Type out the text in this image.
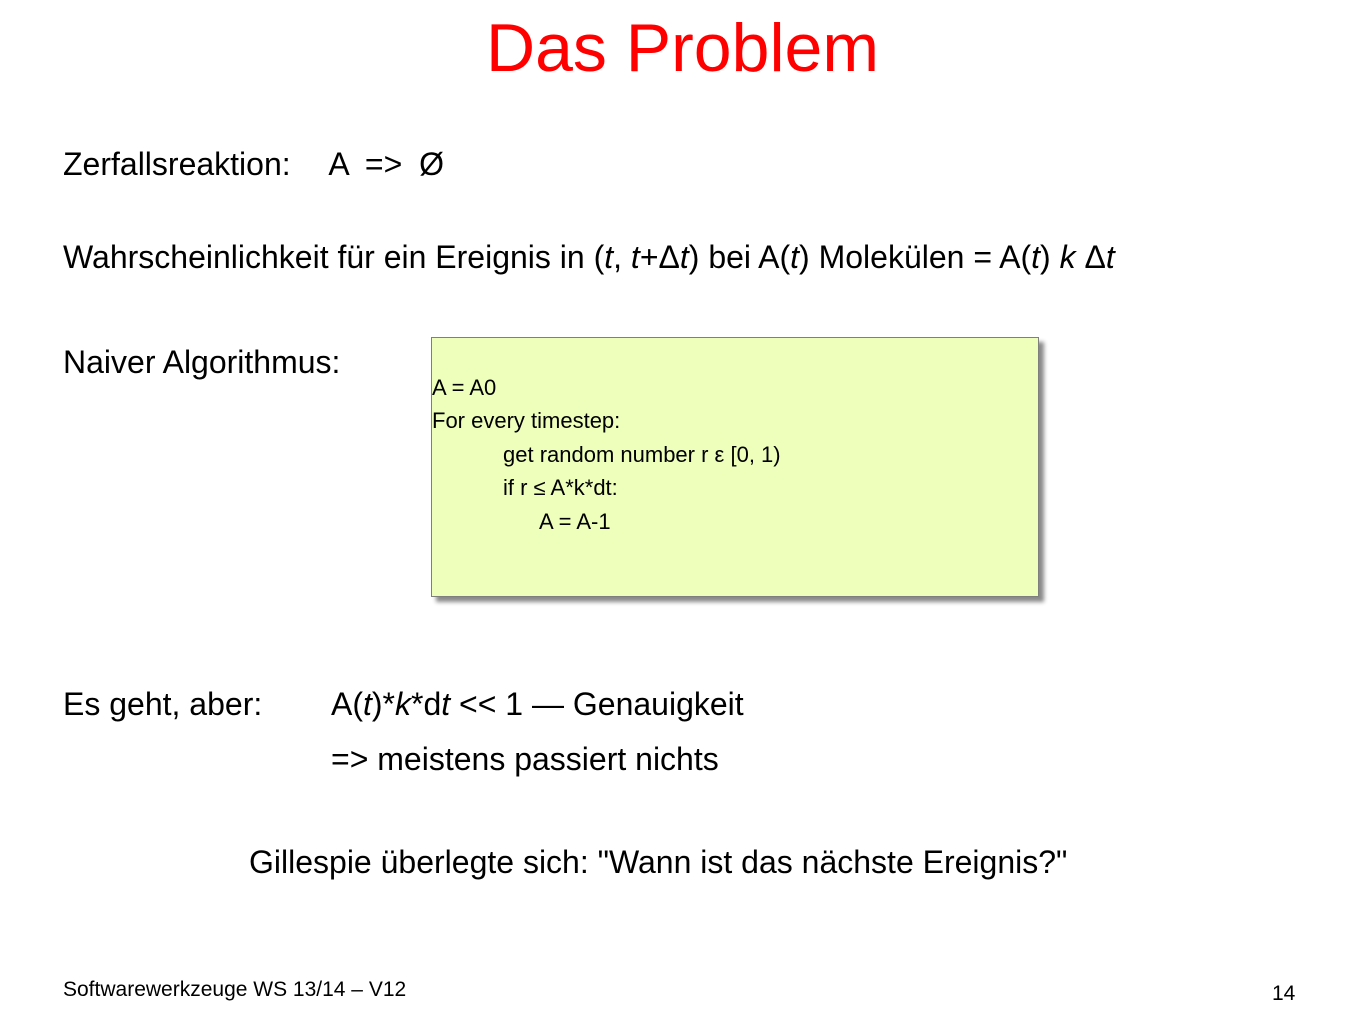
Das Problem
Zerfallsreaktion: A => Ø
Wahrscheinlichkeit für ein Ereignis in (t, t+Δt) bei A(t) Molekülen = A(t) k Δt
Naiver Algorithmus:
A = A0
For every timestep:
get random number r ε [0, 1)
if r ≤ A*k*dt:
A = A-1
Es geht, aber: A(t)*k*dt << 1 — Genauigkeit
=> meistens passiert nichts
Gillespie überlegte sich: "Wann ist das nächste Ereignis?"
Softwarewerkzeuge WS 13/14 – V12	14
